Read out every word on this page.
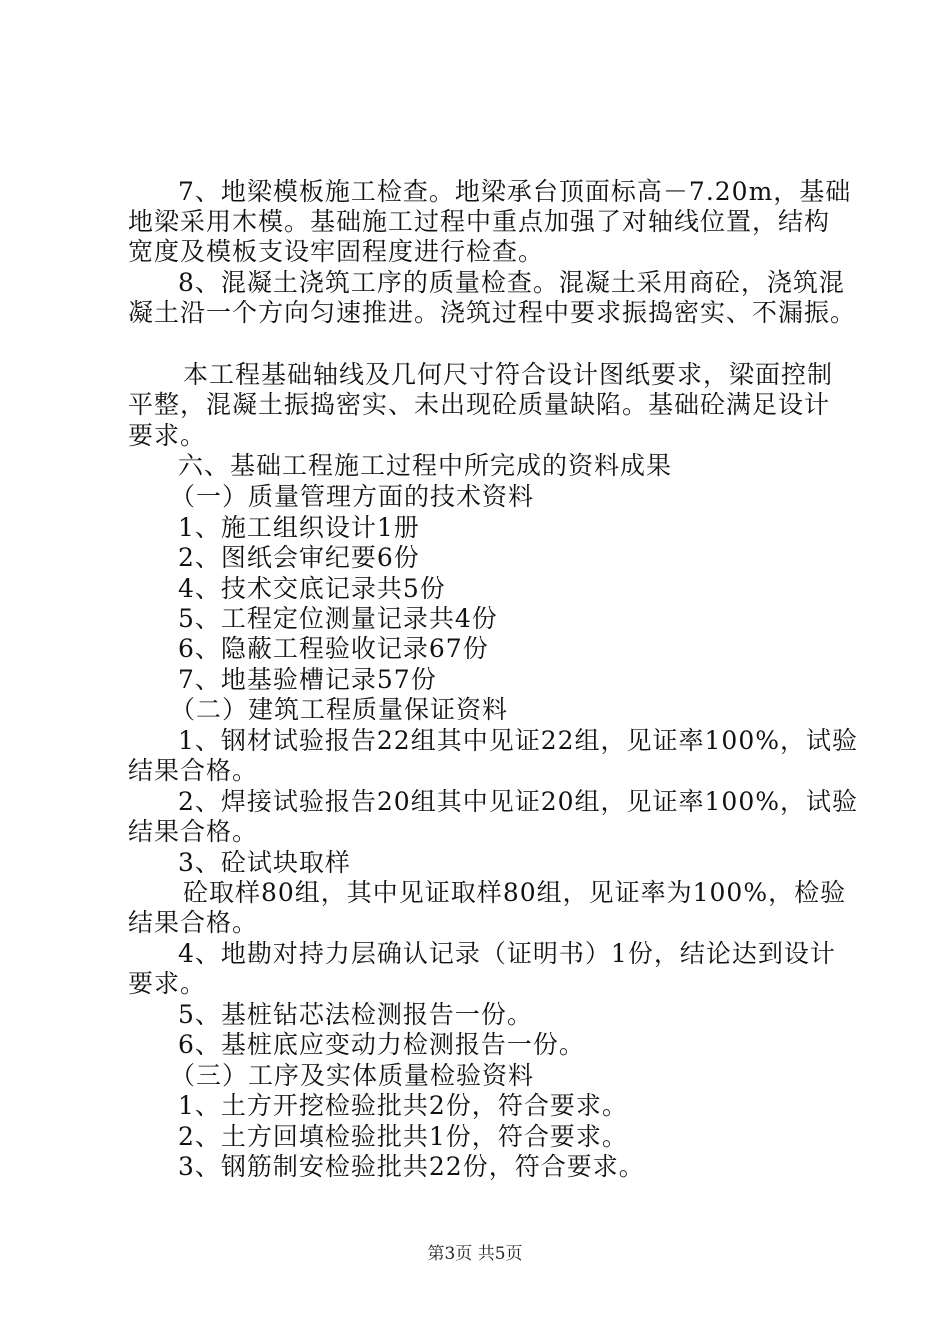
7、地梁模板施工检查。地梁承台顶面标高－7.20m，基础
地梁采用木模。基础施工过程中重点加强了对轴线位置，结构
宽度及模板支设牢固程度进行检查。
8、混凝土浇筑工序的质量检查。混凝土采用商砼，浇筑混
凝土沿一个方向匀速推进。浇筑过程中要求振捣密实、不漏振。
本工程基础轴线及几何尺寸符合设计图纸要求，梁面控制
平整，混凝土振捣密实、未出现砼质量缺陷。基础砼满足设计
要求。
六、基础工程施工过程中所完成的资料成果
（一）质量管理方面的技术资料
1、施工组织设计1册
2、图纸会审纪要6份
4、技术交底记录共5份
5、工程定位测量记录共4份
6、隐蔽工程验收记录67份
7、地基验槽记录57份
（二）建筑工程质量保证资料
1、钢材试验报告22组其中见证22组，见证率100%，试验
结果合格。
2、焊接试验报告20组其中见证20组，见证率100%，试验
结果合格。
3、砼试块取样
砼取样80组，其中见证取样80组，见证率为100%，检验
结果合格。
4、地勘对持力层确认记录（证明书）1份，结论达到设计
要求。
5、基桩钻芯法检测报告一份。
6、基桩底应变动力检测报告一份。
（三）工序及实体质量检验资料
1、土方开挖检验批共2份，符合要求。
2、土方回填检验批共1份，符合要求。
3、钢筋制安检验批共22份，符合要求。
第3页 共5页
